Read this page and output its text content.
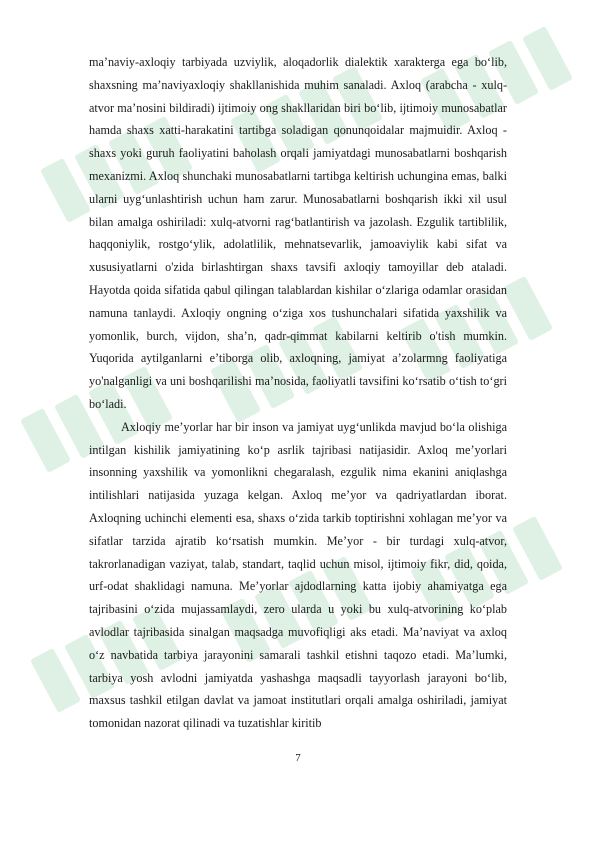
ma’naviy-axloqiy tarbiyada uzviylik, aloqadorlik dialektik xarakterga ega bo‘lib, shaxsning ma’naviyaxloqiy shakllanishida muhim sanaladi. Axloq (arabcha - xulq-atvor ma’nosini bildiradi) ijtimoiy ong shakllaridan biri bo‘lib, ijtimoiy munosabatlar hamda shaxs xatti-harakatini tartibga soladigan qonunqoidalar majmuidir. Axloq - shaxs yoki guruh faoliyatini baholash orqali jamiyatdagi munosabatlarni boshqarish mexanizmi. Axloq shunchaki munosabatlarni tartibga keltirish uchungina emas, balki ularni uyg‘unlashtirish uchun ham zarur. Munosabatlarni boshqarish ikki xil usul bilan amalga oshiriladi: xulq-atvorni rag‘batlantirish va jazolash. Ezgulik tartiblilik, haqqoniylik, rostgo‘ylik, adolatlilik, mehnatsevarlik, jamoaviylik kabi sifat va xususiyatlarni o'zida birlashtirgan shaxs tavsifi axloqiy tamoyillar deb ataladi. Hayotda qoida sifatida qabul qilingan talablardan kishilar o‘zlariga odamlar orasidan namuna tanlaydi. Axloqiy ongning o‘ziga xos tushunchalari sifatida yaxshilik va yomonlik, burch, vijdon, sha’n, qadr-qimmat kabilarni keltirib o'tish mumkin. Yuqorida aytilganlarni e’tiborga olib, axloqning, jamiyat a’zolarmng faoliyatiga yo'nalganligi va uni boshqarilishi ma’nosida, faoliyatli tavsifini ko‘rsatib o‘tish to‘gri bo‘ladi.

Axloqiy me’yorlar har bir inson va jamiyat uyg‘unlikda mavjud bo‘la olishiga intilgan kishilik jamiyatining ko‘p asrlik tajribasi natijasidir. Axloq me’yorlari insonning yaxshilik va yomonlikni chegaralash, ezgulik nima ekanini aniqlashga intilishlari natijasida yuzaga kelgan. Axloq me’yor va qadriyatlardan iborat. Axloqning uchinchi elementi esa, shaxs o‘zida tarkib toptirishni xohlagan me’yor va sifatlar tarzida ajratib ko‘rsatish mumkin. Me’yor - bir turdagi xulq-atvor, takrorlanadigan vaziyat, talab, standart, taqlid uchun misol, ijtimoiy fikr, did, qoida, urf-odat shaklidagi namuna. Me’yorlar ajdodlarning katta ijobiy ahamiyatga ega tajribasini o‘zida mujassamlaydi, zero ularda u yoki bu xulq-atvorining ko‘plab avlodlar tajribasida sinalgan maqsadga muvofiqligi aks etadi. Ma’naviyat va axloq o‘z navbatida tarbiya jarayonini samarali tashkil etishni taqozo etadi. Ma’lumki, tarbiya yosh avlodni jamiyatda yashashga maqsadli tayyorlash jarayoni bo‘lib, maxsus tashkil etilgan davlat va jamoat institutlari orqali amalga oshiriladi, jamiyat tomonidan nazorat qilinadi va tuzatishlar kiritib

7
